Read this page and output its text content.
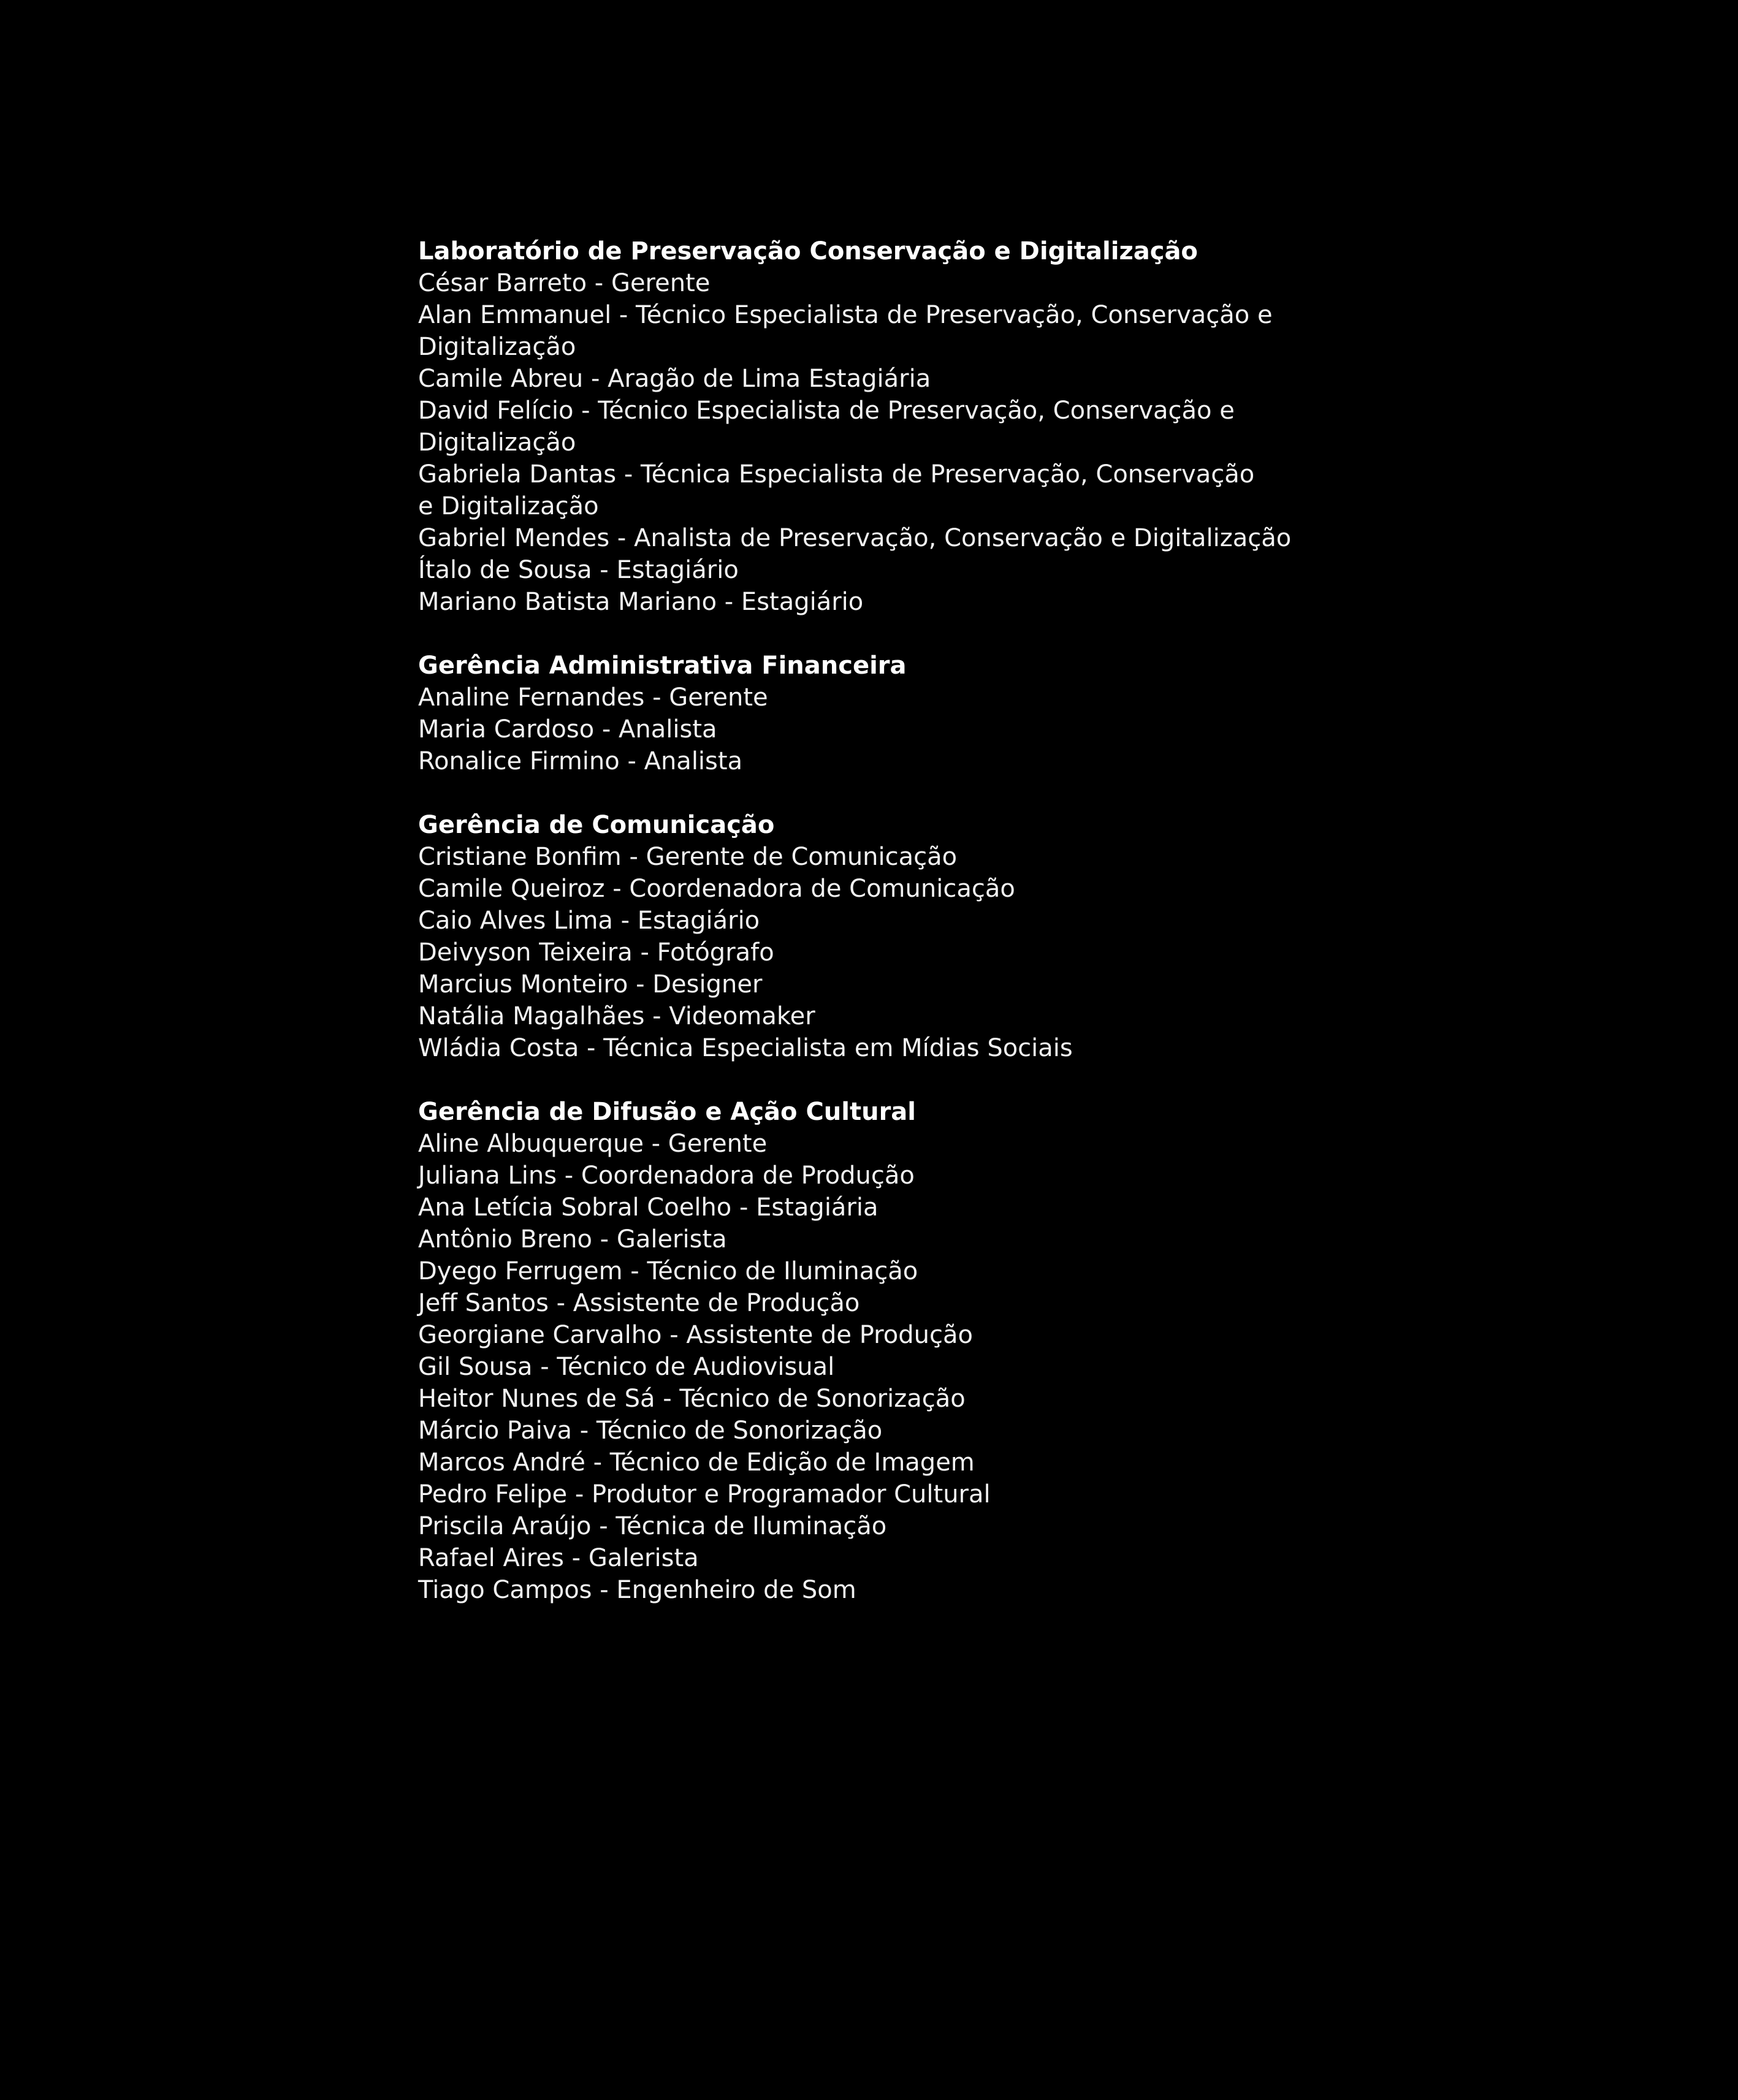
Laboratório de Preservação Conservação e Digitalização
César Barreto - Gerente
Alan Emmanuel - Técnico Especialista de Preservação, Conservação e Digitalização
Camile Abreu - Aragão de Lima Estagiária
David Felício - Técnico Especialista de Preservação, Conservação e Digitalização
Gabriela Dantas - Técnica Especialista de Preservação, Conservação e Digitalização
Gabriel Mendes - Analista de Preservação, Conservação e Digitalização
Ítalo de Sousa - Estagiário
Mariano Batista Mariano - Estagiário
Gerência Administrativa Financeira
Analine Fernandes - Gerente
Maria Cardoso - Analista
Ronalice Firmino - Analista
Gerência de Comunicação
Cristiane Bonfim - Gerente de Comunicação
Camile Queiroz - Coordenadora de Comunicação
Caio Alves Lima - Estagiário
Deivyson Teixeira - Fotógrafo
Marcius Monteiro - Designer
Natália Magalhães - Videomaker
Wládia Costa - Técnica Especialista em Mídias Sociais
Gerência de Difusão e Ação Cultural
Aline Albuquerque - Gerente
Juliana Lins - Coordenadora de Produção
Ana Letícia Sobral Coelho - Estagiária
Antônio Breno - Galerista
Dyego Ferrugem - Técnico de Iluminação
Jeff Santos - Assistente de Produção
Georgiane Carvalho - Assistente de Produção
Gil Sousa - Técnico de Audiovisual
Heitor Nunes de Sá - Técnico de Sonorização
Márcio Paiva - Técnico de Sonorização
Marcos André - Técnico de Edição de Imagem
Pedro Felipe - Produtor e Programador Cultural
Priscila Araújo - Técnica de Iluminação
Rafael Aires - Galerista
Tiago Campos - Engenheiro de Som
